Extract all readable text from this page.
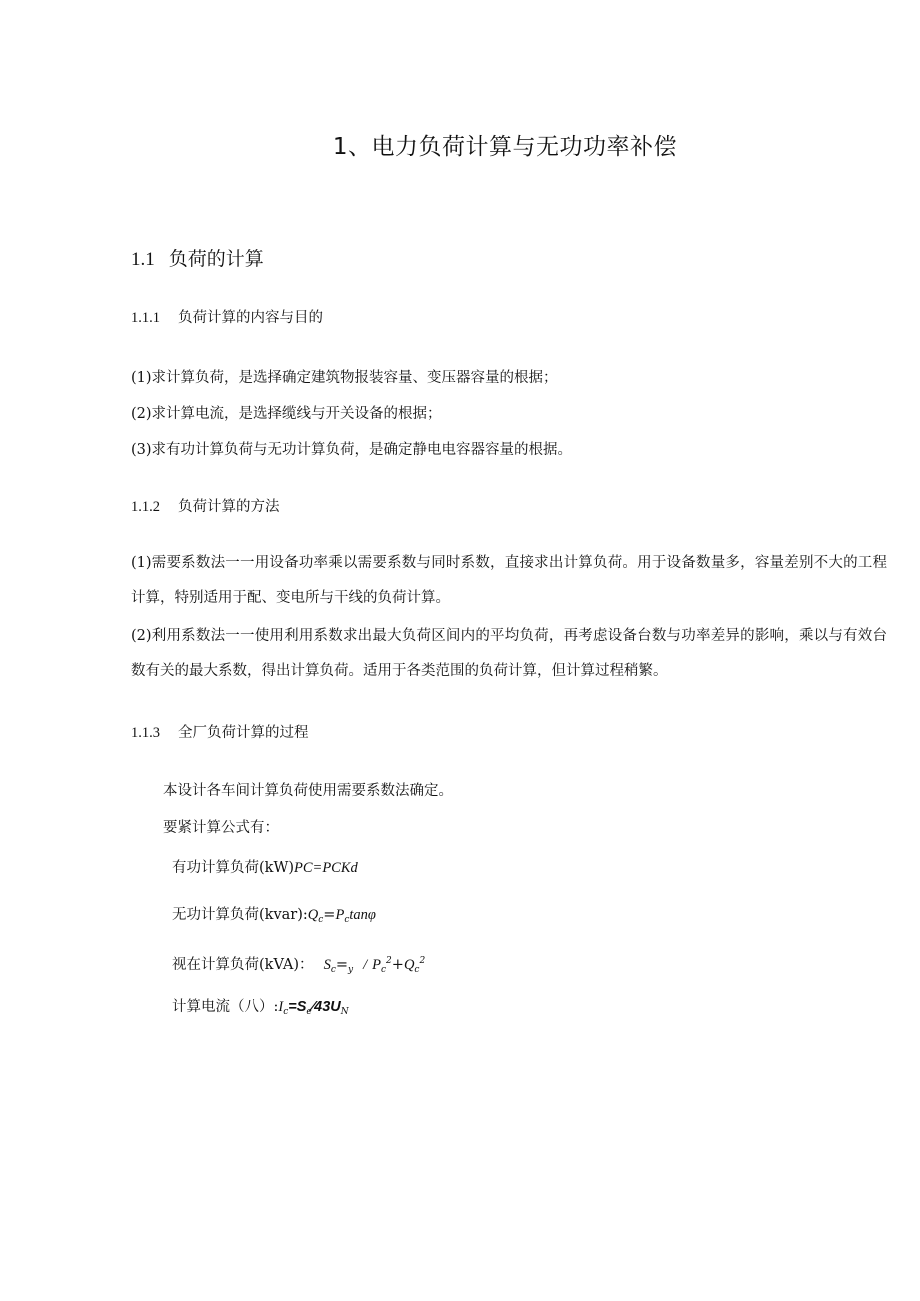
1、电力负荷计算与无功功率补偿
1.1 负荷的计算
1.1.1 负荷计算的内容与目的
(1)求计算负荷，是选择确定建筑物报装容量、变压器容量的根据；
(2)求计算电流，是选择缆线与开关设备的根据；
(3)求有功计算负荷与无功计算负荷，是确定静电电容器容量的根据。
1.1.2 负荷计算的方法
(1)需要系数法一一用设备功率乘以需要系数与同时系数，直接求出计算负荷。用于设备数量多，容量差别不大的工程计算，特别适用于配、变电所与干线的负荷计算。
(2)利用系数法一一使用利用系数求出最大负荷区间内的平均负荷，再考虑设备台数与功率差异的影响，乘以与有效台数有关的最大系数，得出计算负荷。适用于各类范围的负荷计算，但计算过程稍繁。
1.1.3 全厂负荷计算的过程
本设计各车间计算负荷使用需要系数法确定。
要紧计算公式有：
有功计算负荷(kW)PC=PCKd
无功计算负荷$(kvar):Q_c=P_c\tan\varphi$
视在计算负荷(kVA)： $S_c=_y / P_c^2+Q_c^2$
计算电流（八）$:I_c=S_e⁄43U_N$
